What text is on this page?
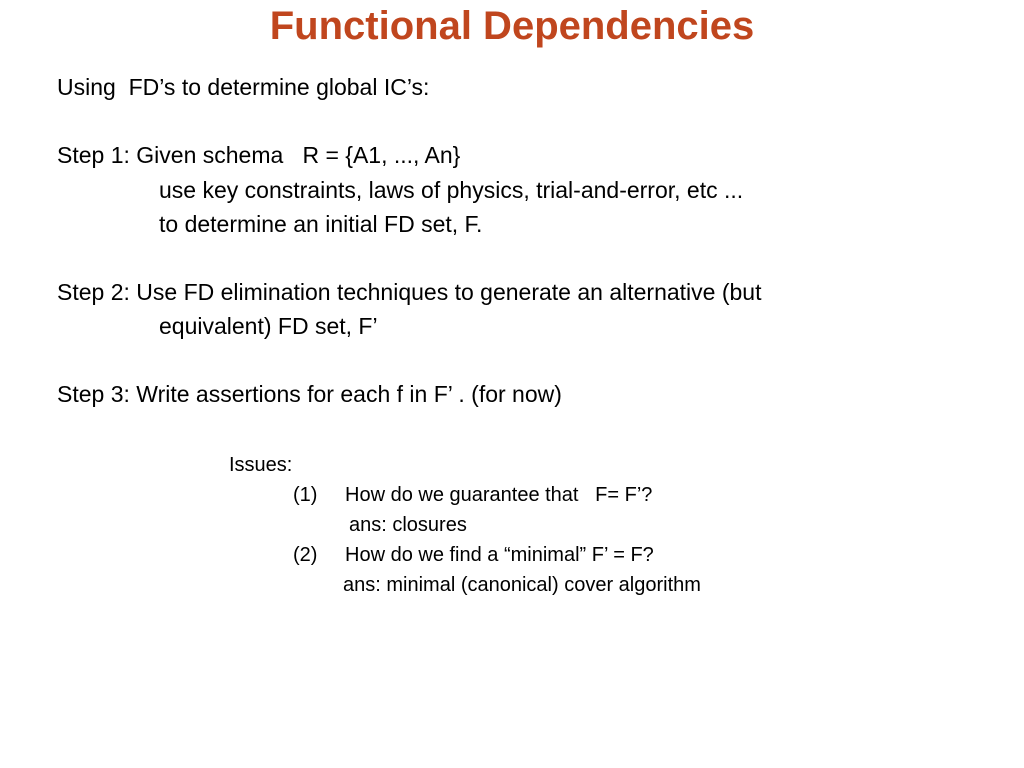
Functional Dependencies
Using  FD’s to determine global IC’s:
Step 1: Given schema   R = {A1, ..., An}
use key constraints, laws of physics, trial-and-error, etc ...
to determine an initial FD set, F.
Step 2: Use FD elimination techniques to generate an alternative (but
equivalent) FD set, F’
Step 3: Write assertions for each f in F’ . (for now)
Issues:
(1) How do we guarantee that   F= F’?
ans: closures
(2) How do we find a “minimal” F’ = F?
ans: minimal (canonical) cover algorithm
